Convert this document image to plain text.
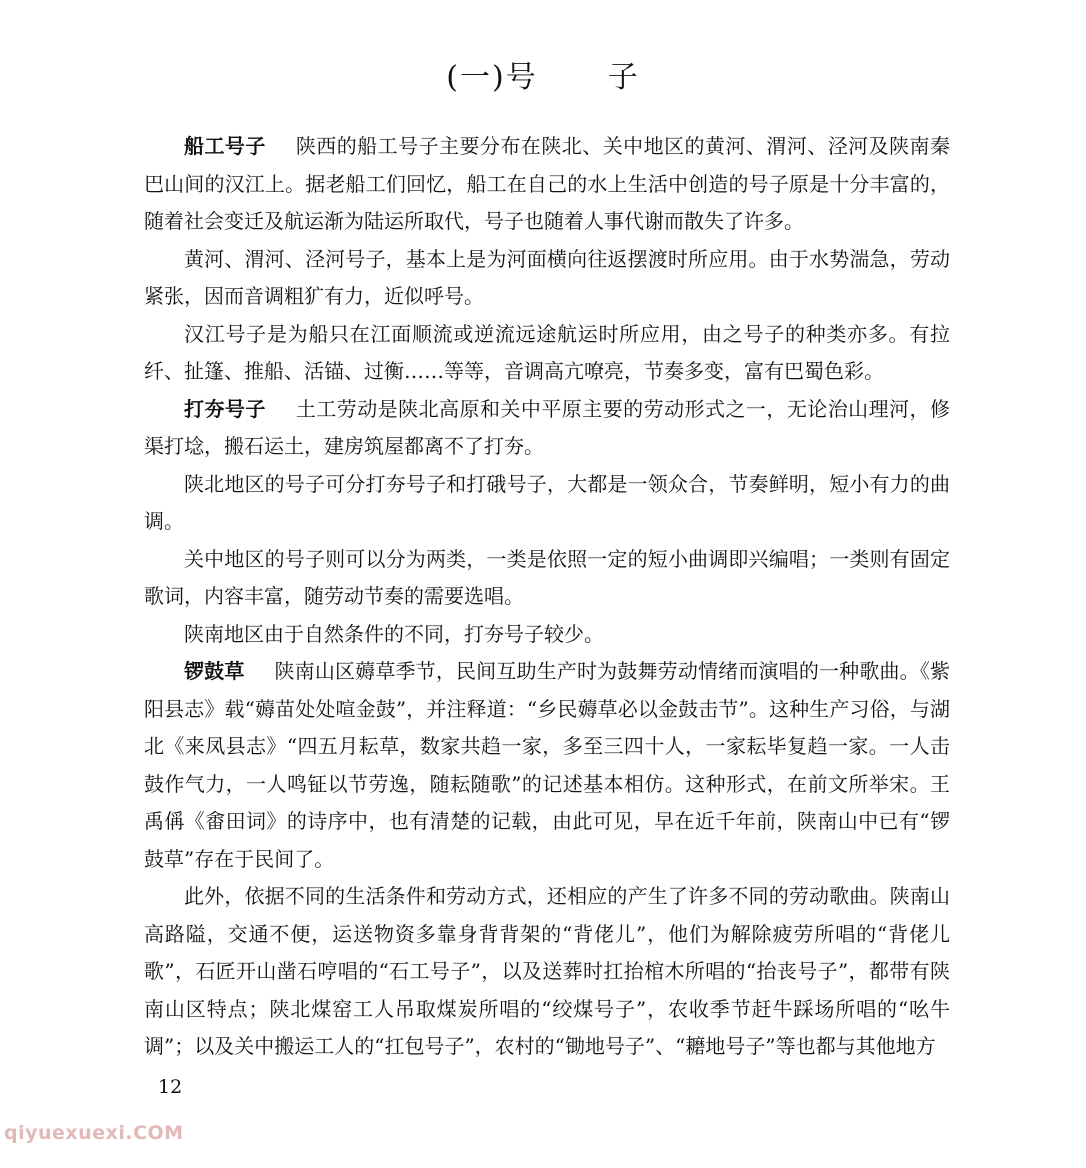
(一)号 子

船工号子 陕西的船工号子主要分布在陕北、关中地区的黄河、渭河、泾河及陕南秦巴山间的汉江上。据老船工们回忆，船工在自己的水上生活中创造的号子原是十分丰富的，随着社会变迁及航运渐为陆运所取代，号子也随着人事代谢而散失了许多。

黄河、渭河、泾河号子，基本上是为河面横向往返摆渡时所应用。由于水势湍急，劳动紧张，因而音调粗犷有力，近似呼号。

汉江号子是为船只在江面顺流或逆流远途航运时所应用，由之号子的种类亦多。有拉纤、扯篷、推船、活锚、过衡……等等，音调高亢嘹亮，节奏多变，富有巴蜀色彩。

打夯号子 土工劳动是陕北高原和关中平原主要的劳动形式之一，无论治山理河，修渠打埝，搬石运土，建房筑屋都离不了打夯。

陕北地区的号子可分打夯号子和打硪号子，大都是一领众合，节奏鲜明，短小有力的曲调。

关中地区的号子则可以分为两类，一类是依照一定的短小曲调即兴编唱；一类则有固定歌词，内容丰富，随劳动节奏的需要选唱。

陕南地区由于自然条件的不同，打夯号子较少。

锣鼓草 陕南山区薅草季节，民间互助生产时为鼓舞劳动情绪而演唱的一种歌曲。《紫阳县志》载“薅苗处处喧金鼓”，并注释道：“乡民薅草必以金鼓击节”。这种生产习俗，与湖北《来凤县志》“四五月耘草，数家共趋一家，多至三四十人，一家耘毕复趋一家。一人击鼓作气力，一人鸣钲以节劳逸，随耘随歌”的记述基本相仿。这种形式，在前文所举宋。王禹偁《畬田词》的诗序中，也有清楚的记载，由此可见，早在近千年前，陕南山中已有“锣鼓草”存在于民间了。

此外，依据不同的生活条件和劳动方式，还相应的产生了许多不同的劳动歌曲。陕南山高路隘，交通不便，运送物资多靠身背背架的“背佬儿”，他们为解除疲劳所唱的“背佬儿歌”，石匠开山凿石哼唱的“石工号子”，以及送葬时扛抬棺木所唱的“抬丧号子”，都带有陕南山区特点；陕北煤窑工人吊取煤炭所唱的“绞煤号子”，农收季节赶牛踩场所唱的“吆牛调”；以及关中搬运工人的“扛包号子”，农村的“锄地号子”、“耱地号子”等也都与其他地方

12
qiyuexuexi.COM
